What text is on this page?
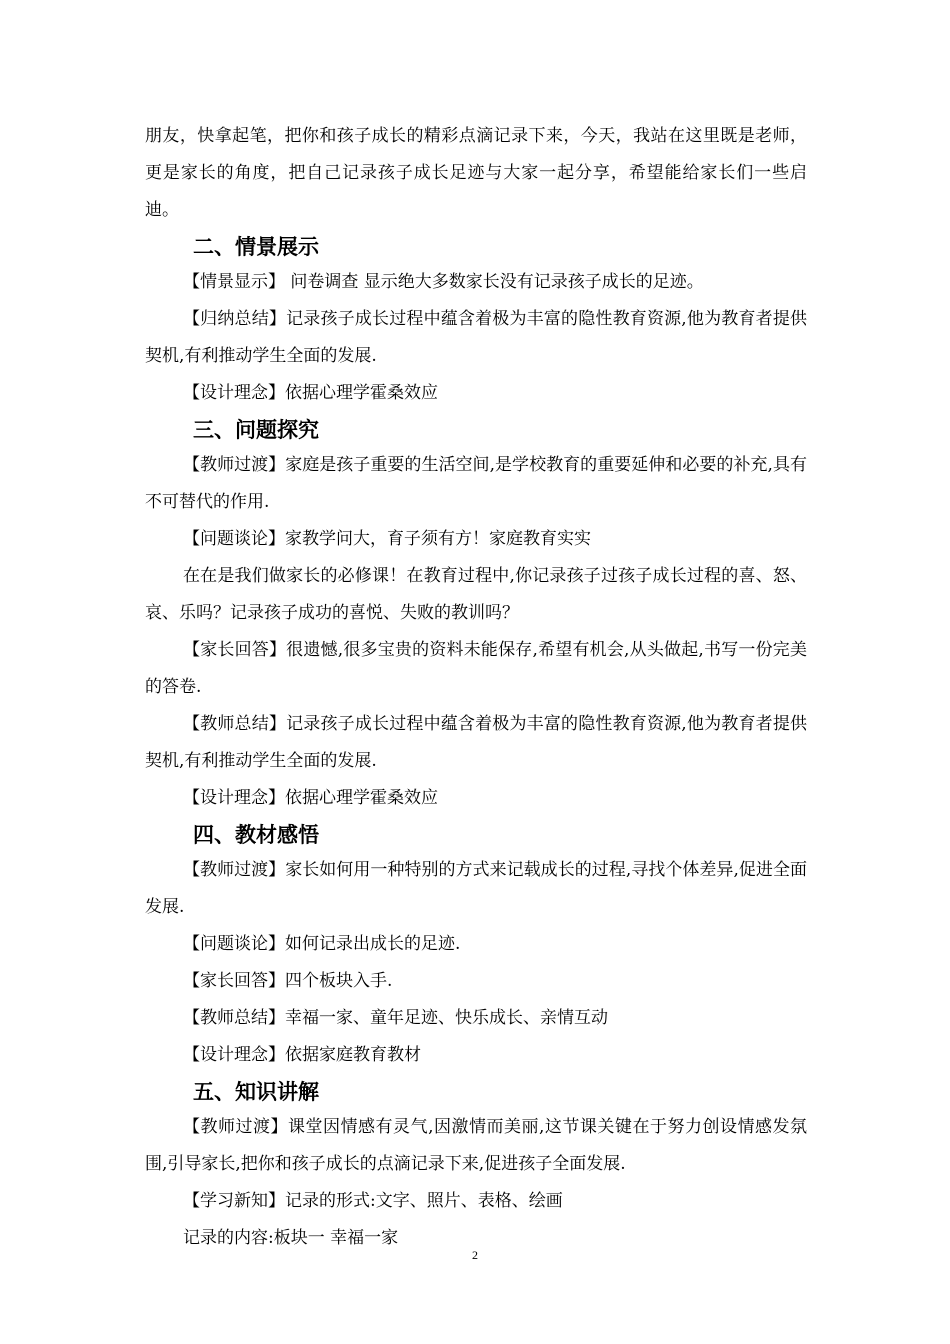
朋友，快拿起笔，把你和孩子成长的精彩点滴记录下来，今天，我站在这里既是老师，更是家长的角度，把自己记录孩子成长足迹与大家一起分享，希望能给家长们一些启迪。

二、情景展示

【情景显示】 问卷调查 显示绝大多数家长没有记录孩子成长的足迹。

【归纳总结】记录孩子成长过程中蕴含着极为丰富的隐性教育资源,他为教育者提供契机,有利推动学生全面的发展.

【设计理念】依据心理学霍桑效应

三、问题探究

【教师过渡】家庭是孩子重要的生活空间,是学校教育的重要延伸和必要的补充,具有不可替代的作用.

【问题谈论】家教学问大，育子须有方！家庭教育实实

在在是我们做家长的必修课！在教育过程中,你记录孩子过孩子成长过程的喜、怒、哀、乐吗？记录孩子成功的喜悦、失败的教训吗？

【家长回答】很遗憾,很多宝贵的资料未能保存,希望有机会,从头做起,书写一份完美的答卷.

【教师总结】记录孩子成长过程中蕴含着极为丰富的隐性教育资源,他为教育者提供契机,有利推动学生全面的发展.

【设计理念】依据心理学霍桑效应

四、教材感悟

【教师过渡】家长如何用一种特别的方式来记载成长的过程,寻找个体差异,促进全面发展.

【问题谈论】如何记录出成长的足迹.

【家长回答】四个板块入手.

【教师总结】幸福一家、童年足迹、快乐成长、亲情互动

【设计理念】依据家庭教育教材

五、知识讲解

【教师过渡】课堂因情感有灵气,因激情而美丽,这节课关键在于努力创设情感发氛围,引导家长,把你和孩子成长的点滴记录下来,促进孩子全面发展.

【学习新知】记录的形式:文字、照片、表格、绘画

记录的内容:板块一 幸福一家

2
